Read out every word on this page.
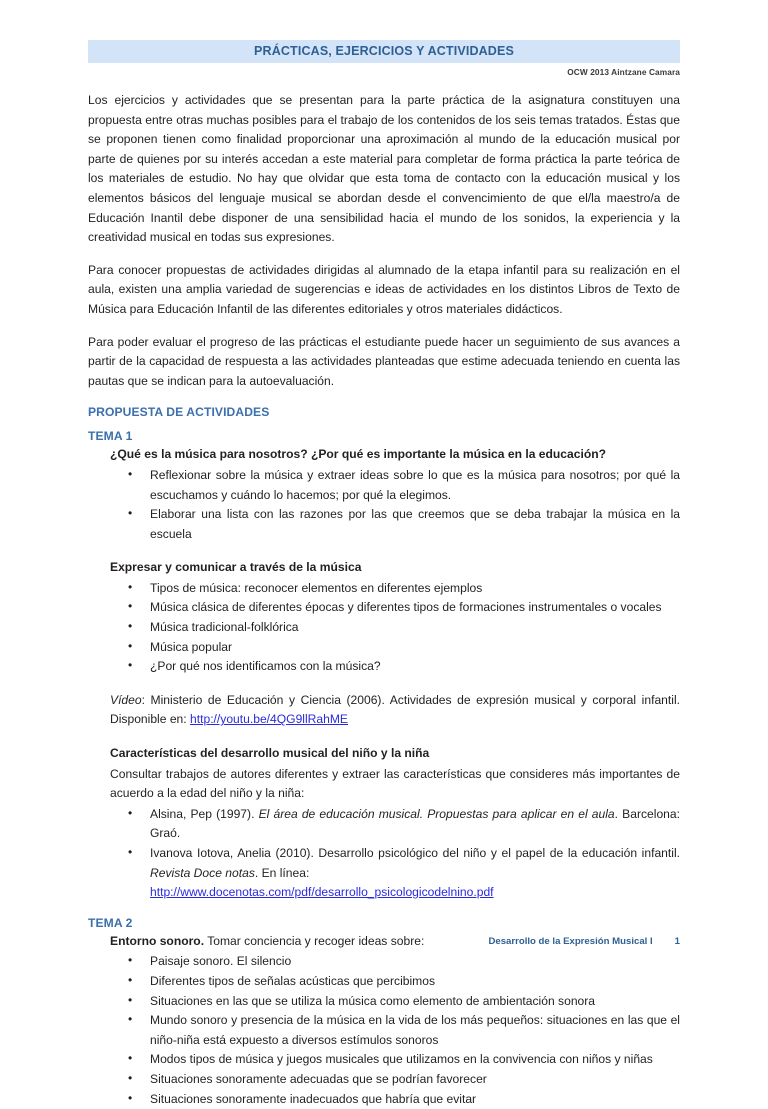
PRÁCTICAS, EJERCICIOS Y ACTIVIDADES
OCW 2013 Aintzane Camara

Los ejercicios y actividades que se presentan para la parte práctica de la asignatura constituyen una propuesta entre otras muchas posibles para el trabajo de los contenidos de los seis temas tratados. Éstas que se proponen tienen como finalidad proporcionar una aproximación al mundo de la educación musical por parte de quienes por su interés accedan a este material para completar de forma práctica la parte teórica de los materiales de estudio. No hay que olvidar que esta toma de contacto con la educación musical y los elementos básicos del lenguaje musical se abordan desde el convencimiento de que el/la maestro/a de Educación Inantil debe disponer de una sensibilidad hacia el mundo de los sonidos, la experiencia y la creatividad musical en todas sus expresiones.

Para conocer propuestas de actividades dirigidas al alumnado de la etapa infantil para su realización en el aula, existen una amplia variedad de sugerencias e ideas de actividades en los distintos Libros de Texto de Música para Educación Infantil de las diferentes editoriales y otros materiales didácticos.

Para poder evaluar el progreso de las prácticas el estudiante puede hacer un seguimiento de sus avances a partir de la capacidad de respuesta a las actividades planteadas que estime adecuada teniendo en cuenta las pautas que se indican para la autoevaluación.

PROPUESTA DE ACTIVIDADES
TEMA 1
¿Qué es la música para nosotros? ¿Por qué es importante la música en la educación?
• Reflexionar sobre la música y extraer ideas sobre lo que es la música para nosotros; por qué la escuchamos y cuándo lo hacemos; por qué la elegimos.
• Elaborar una lista con las razones por las que creemos que se deba trabajar la música en la escuela
Expresar y comunicar a través de la música
• Tipos de música: reconocer elementos en diferentes ejemplos
• Música clásica de diferentes épocas y diferentes tipos de formaciones instrumentales o vocales
• Música tradicional-folklórica
• Música popular
• ¿Por qué nos identificamos con la música?
Vídeo: Ministerio de Educación y Ciencia (2006). Actividades de expresión musical y corporal infantil. Disponible en: http://youtu.be/4QG9llRahME
Características del desarrollo musical del niño y la niña
Consultar trabajos de autores diferentes y extraer las características que consideres más importantes de acuerdo a la edad del niño y la niña:
• Alsina, Pep (1997). El área de educación musical. Propuestas para aplicar en el aula. Barcelona: Graó.
• Ivanova Iotova, Anelia (2010). Desarrollo psicológico del niño y el papel de la educación infantil. Revista Doce notas. En línea:
http://www.docenotas.com/pdf/desarrollo_psicologicodelnino.pdf
TEMA 2
Entorno sonoro. Tomar conciencia y recoger ideas sobre:
• Paisaje sonoro. El silencio
• Diferentes tipos de señalas acústicas que percibimos
• Situaciones en las que se utiliza la música como elemento de ambientación sonora
• Mundo sonoro y presencia de la música en la vida de los más pequeños: situaciones en las que el niño-niña está expuesto a diversos estímulos sonoros
• Modos tipos de música y juegos musicales que utilizamos en la convivencia con niños y niñas
• Situaciones sonoramente adecuadas que se podrían favorecer
• Situaciones sonoramente inadecuados que habría que evitar
Desarrollo de la Expresión Musical I 1
